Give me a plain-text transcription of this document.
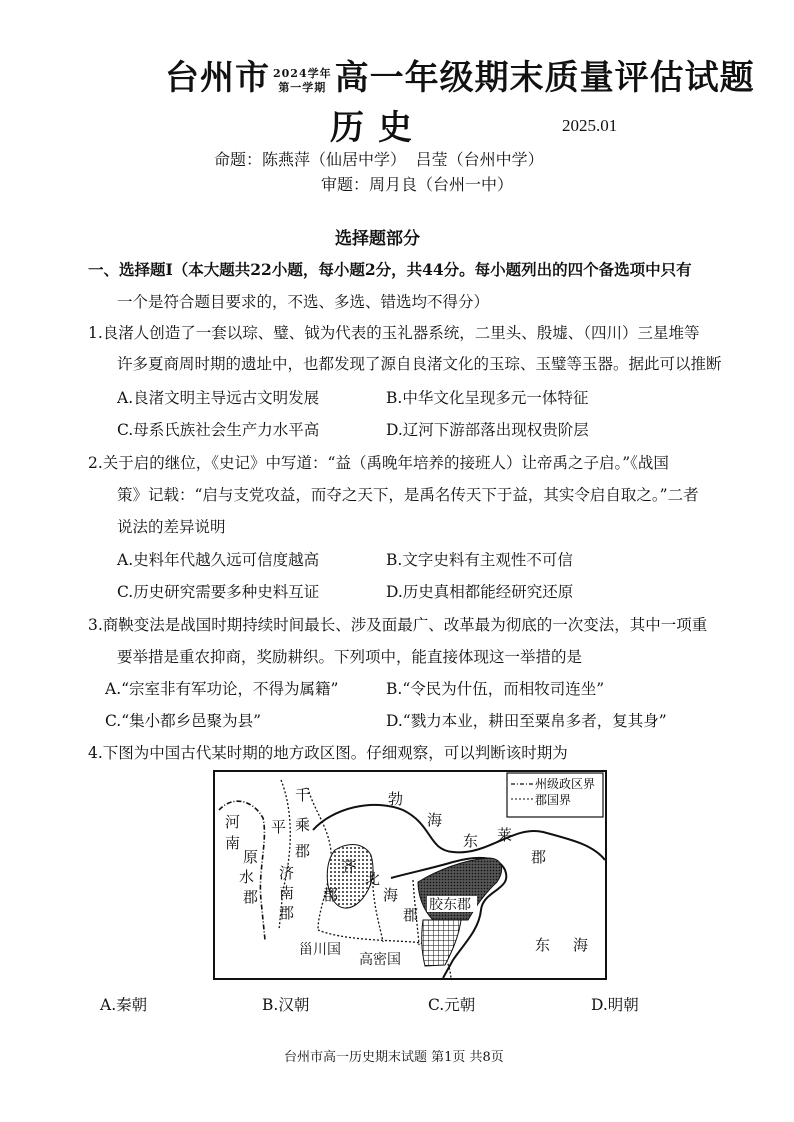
台州市 2024学年
第一学期 高一年级期末质量评估试题
历史	2025.01
命题：陈燕萍（仙居中学） 吕莹（台州中学）
审题：周月良（台州一中）
选择题部分
一、选择题Ⅰ（本大题共22小题，每小题2分，共44分。每小题列出的四个备选项中只有
一个是符合题目要求的，不选、多选、错选均不得分）
1.良渚人创造了一套以琮、璧、钺为代表的玉礼器系统，二里头、殷墟、（四川）三星堆等
许多夏商周时期的遗址中，也都发现了源自良渚文化的玉琮、玉璧等玉器。据此可以推断
A.良渚文明主导远古文明发展	B.中华文化呈现多元一体特征
C.母系氏族社会生产力水平高	D.辽河下游部落出现权贵阶层
2.关于启的继位，《史记》中写道：“益（禹晚年培养的接班人）让帝禹之子启。”《战国
策》记载：“启与支党攻益，而夺之天下，是禹名传天下于益，其实令启自取之。”二者
说法的差异说明
A.史料年代越久远可信度越高	B.文字史料有主观性不可信
C.历史研究需要多种史料互证	D.历史真相都能经研究还原
3.商鞅变法是战国时期持续时间最长、涉及面最广、改革最为彻底的一次变法，其中一项重
要举措是重农抑商，奖励耕织。下列项中，能直接体现这一举措的是
A.“宗室非有军功论，不得为属籍”	B.“令民为什伍，而相牧司连坐”
C.“集小都乡邑聚为县”	D.“戮力本业，耕田至粟帛多者，复其身”
4.下图为中国古代某时期的地方政区图。仔细观察，可以判断该时期为
州级政区界
郡国界
勃
海
河
南
平
原
水
郡
千
乘
郡
济
南
郡
齐
郡
北
海
郡
东 莱
郡
东 海
胶东郡
甾川国
高密国
A.秦朝	B.汉朝	C.元朝	D.明朝
台州市高一历史期末试题 第1页 共8页
